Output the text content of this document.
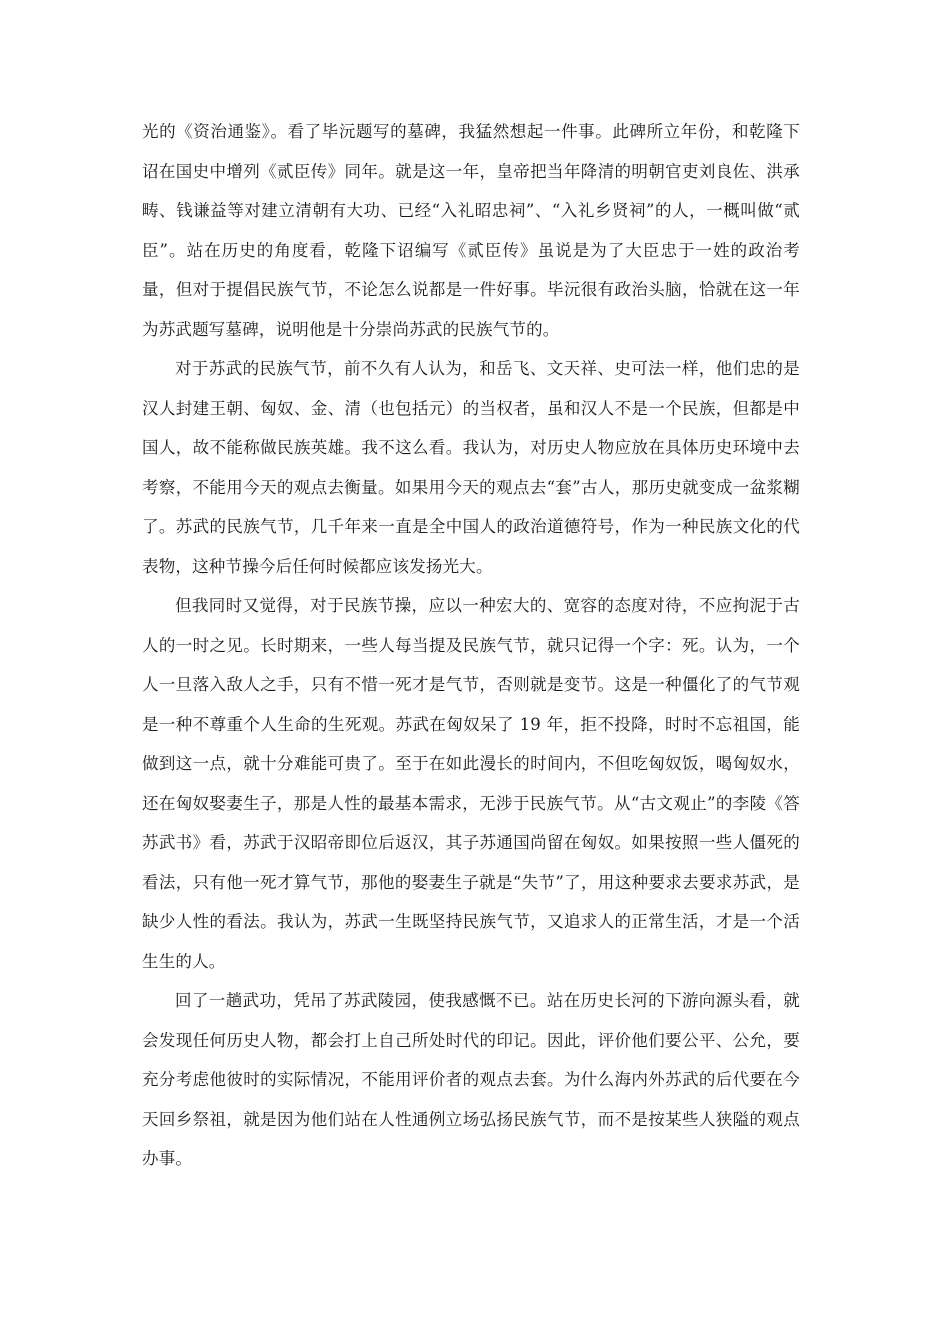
光的《资治通鉴》。看了毕沅题写的墓碑，我猛然想起一件事。此碑所立年份，和乾隆下诏在国史中增列《贰臣传》同年。就是这一年，皇帝把当年降清的明朝官吏刘良佐、洪承畴、钱谦益等对建立清朝有大功、已经“入礼昭忠祠”、“入礼乡贤祠”的人，一概叫做“贰臣”。站在历史的角度看，乾隆下诏编写《贰臣传》虽说是为了大臣忠于一姓的政治考量，但对于提倡民族气节，不论怎么说都是一件好事。毕沅很有政治头脑，恰就在这一年为苏武题写墓碑，说明他是十分崇尚苏武的民族气节的。

对于苏武的民族气节，前不久有人认为，和岳飞、文天祥、史可法一样，他们忠的是汉人封建王朝、匈奴、金、清（也包括元）的当权者，虽和汉人不是一个民族，但都是中国人，故不能称做民族英雄。我不这么看。我认为，对历史人物应放在具体历史环境中去考察，不能用今天的观点去衡量。如果用今天的观点去“套”古人，那历史就变成一盆浆糊了。苏武的民族气节，几千年来一直是全中国人的政治道德符号，作为一种民族文化的代表物，这种节操今后任何时候都应该发扬光大。

但我同时又觉得，对于民族节操，应以一种宏大的、宽容的态度对待，不应拘泥于古人的一时之见。长时期来，一些人每当提及民族气节，就只记得一个字：死。认为，一个人一旦落入敌人之手，只有不惜一死才是气节，否则就是变节。这是一种僵化了的气节观是一种不尊重个人生命的生死观。苏武在匈奴呆了 19 年，拒不投降，时时不忘祖国，能做到这一点，就十分难能可贵了。至于在如此漫长的时间内，不但吃匈奴饭，喝匈奴水，还在匈奴娶妻生子，那是人性的最基本需求，无涉于民族气节。从“古文观止”的李陵《答苏武书》看，苏武于汉昭帝即位后返汉，其子苏通国尚留在匈奴。如果按照一些人僵死的看法，只有他一死才算气节，那他的娶妻生子就是“失节”了，用这种要求去要求苏武，是缺少人性的看法。我认为，苏武一生既坚持民族气节，又追求人的正常生活，才是一个活生生的人。

回了一趟武功，凭吊了苏武陵园，使我感慨不已。站在历史长河的下游向源头看，就会发现任何历史人物，都会打上自己所处时代的印记。因此，评价他们要公平、公允，要充分考虑他彼时的实际情况，不能用评价者的观点去套。为什么海内外苏武的后代要在今天回乡祭祖，就是因为他们站在人性通例立场弘扬民族气节，而不是按某些人狭隘的观点办事。
